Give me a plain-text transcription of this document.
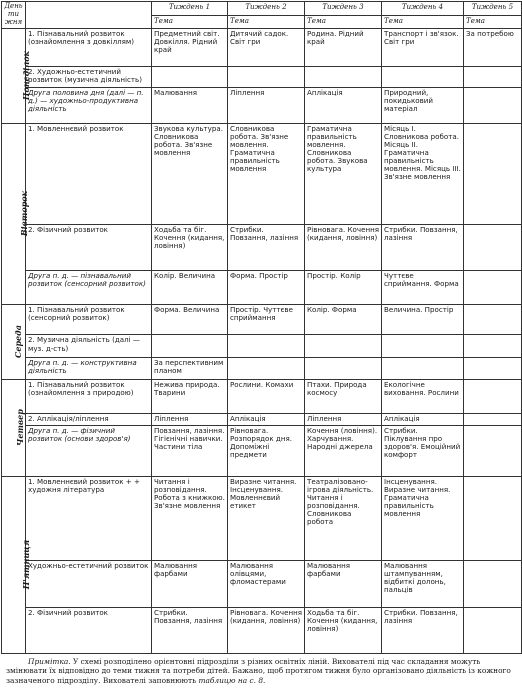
День тижня		Тиждень 1	Тиждень 2	Тиждень 3	Тиждень 4	Тиждень 5
		Тема	Тема	Тема	Тема	Тема
Понеділок	1. Пізнавальний розвиток (ознайомлення з довкіллям)	Предметний світ. Довкілля. Рідний край	Дитячий садок. Світ гри	Родина. Рідний край	Транспорт і зв'язок. Світ гри	За потребою
	2. Художньо-естетичний розвиток (музична діяльність)					
	Друга половина дня (далі — п. д.) — художньо-продуктивна діяльність	Малювання	Ліплення	Аплікація	Природний, покидьковий матеріал	
Вівторок	1. Мовленнєвий розвиток	Звукова культура. Словникова робота. Зв'язне мовлення	Словникова робота. Зв'язне мовлення. Граматична правильність мовлення	Граматична правильність мовлення. Словникова робота. Звукова культура	Місяць І. Словникова робота. Місяць ІІ. Граматична правильність мовлення. Місяць ІІІ. Зв'язне мовлення	
	2. Фізичний розвиток	Ходьба та біг. Кочення (кидання, ловіння)	Стрибки. Повзання, лазіння	Рівновага. Кочення (кидання, ловіння)	Стрибки. Повзання, лазіння	
	Друга п. д. — пізнавальний розвиток (сенсорний розвиток)	Колір. Величина	Форма. Простір	Простір. Колір	Чуттєве сприймання. Форма	
Середа	1. Пізнавальний розвиток (сенсорний розвиток)	Форма. Величина	Простір. Чуттєве сприймання	Колір. Форма	Величина. Простір	
	2. Музична діяльність (далі — муз. д-сть)					
	Друга п. д. — конструктивна діяльність	За перспективним планом				
Четвер	1. Пізнавальний розвиток (ознайомлення з природою)	Неживa природа. Тварини	Рослини. Комахи	Птахи. Природа космосу	Екологічне виховання. Рослини	
	2. Аплікація/ліплення	Ліплення	Аплікація	Ліплення	Аплікація	
	Друга п. д. — фізичний розвиток (основи здоров'я)	Повзання, лазіння. Гігієнічні навички. Частини тіла	Рівновага. Розпорядок дня. Допоміжні предмети	Кочення (ловіння). Харчування. Народні джерела	Стрибки. Піклування про здоров'я. Емоційний комфорт	
П'ятниця	1. Мовленнєвий розвиток + + художня література	Читання і розповідання. Робота з книжкою. Зв'язне мовлення	Виразне читання. Інсценування. Мовленнєвий етикет	Театралізовано-ігрова діяльність. Читання і розповідання. Словникова робота	Інсценування. Виразне читання. Граматична правильність мовлення	
	Художньо-естетичний розвиток	Малювання фарбами	Малювання олівцями, фломастерами	Малювання фарбами	Малювання штампуванням, відбиткі долонь, пальців	
	2. Фізичний розвиток	Стрибки. Повзання, лазіння	Рівновага. Кочення (кидання, ловіння)	Ходьба та біг. Кочення (кидання, ловіння)	Стрибки. Повзання, лазіння	
Примітка. У схемі розподілено орієнтовні підрозділи з різних освітніх ліній. Вихователі під час складання можуть змінювати їх відповідно до теми тижня та потреби дітей. Бажано, щоб протягом тижня було організовано діяльність із кожного зазначеного підрозділу. Вихователі заповнюють таблицю на с. 8.
